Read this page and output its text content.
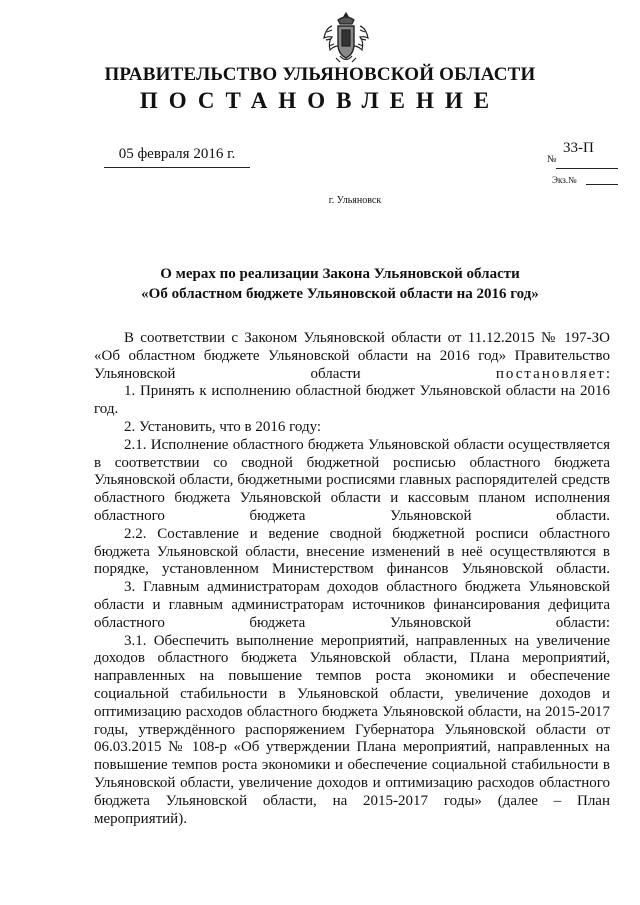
ПРАВИТЕЛЬСТВО УЛЬЯНОВСКОЙ ОБЛАСТИ
ПОСТАНОВЛЕНИЕ
05 февраля 2016 г.	33-П
№
Экз.№
г. Ульяновск
О мерах по реализации Закона Ульяновской области
«Об областном бюджете Ульяновской области на 2016 год»

В соответствии с Законом Ульяновской области от 11.12.2015 № 197-ЗО «Об областном бюджете Ульяновской области на 2016 год» Правительство Ульяновской области	постановляет:

1. Принять к исполнению областной бюджет Ульяновской области на 2016 год.

2. Установить, что в 2016 году:

2.1. Исполнение областного бюджета Ульяновской области осуществляется в соответствии со сводной бюджетной росписью областного бюджета Ульяновской области, бюджетными росписями главных распорядителей средств областного бюджета Ульяновской области и кассовым планом исполнения областного бюджета Ульяновской области.

2.2. Составление и ведение сводной бюджетной росписи областного бюджета Ульяновской области, внесение изменений в неё осуществляются в порядке, установленном Министерством финансов Ульяновской области.

3. Главным администраторам доходов областного бюджета Ульяновской области и главным администраторам источников финансирования дефицита областного бюджета Ульяновской области:

3.1. Обеспечить выполнение мероприятий, направленных на увеличение доходов областного бюджета Ульяновской области, Плана мероприятий, направленных на повышение темпов роста экономики и обеспечение социальной стабильности в Ульяновской области, увеличение доходов и оптимизацию расходов областного бюджета Ульяновской области, на 2015-2017 годы, утверждённого распоряжением Губернатора Ульяновской области от 06.03.2015 № 108-р «Об утверждении Плана мероприятий, направленных на повышение темпов роста экономики и обеспечение социальной стабильности в Ульяновской области, увеличение доходов и оптимизацию расходов областного бюджета Ульяновской области, на 2015-2017 годы» (далее – План мероприятий).
